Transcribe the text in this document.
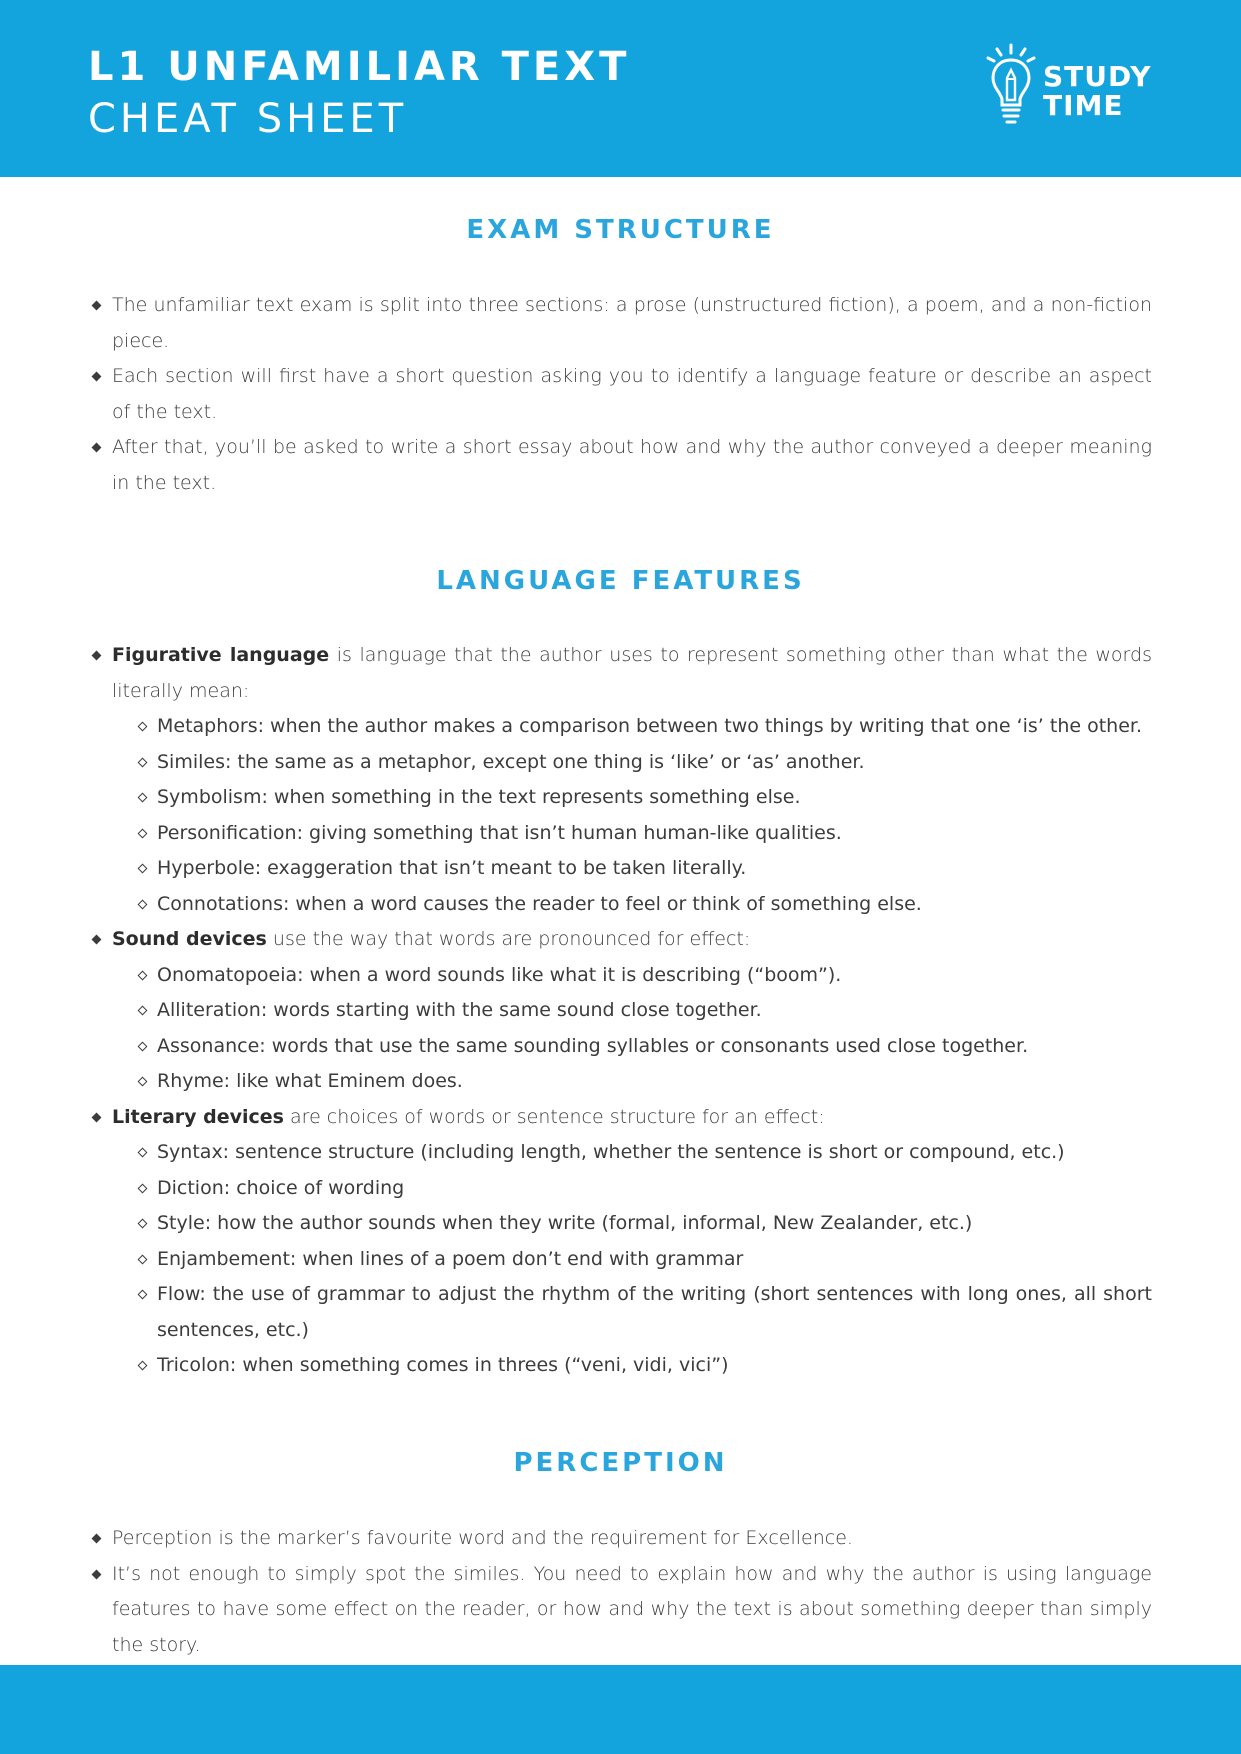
L1 UNFAMILIAR TEXT
CHEAT SHEET
STUDY
TIME
EXAM STRUCTURE
The unfamiliar text exam is split into three sections: a prose (unstructured fiction), a poem, and a non-fiction piece.
Each section will first have a short question asking you to identify a language feature or describe an aspect of the text.
After that, you’ll be asked to write a short essay about how and why the author conveyed a deeper meaning in the text.
LANGUAGE FEATURES
Figurative language is language that the author uses to represent something other than what the words literally mean:
Metaphors: when the author makes a comparison between two things by writing that one ‘is’ the other.
Similes: the same as a metaphor, except one thing is ‘like’ or ‘as’ another.
Symbolism: when something in the text represents something else.
Personification: giving something that isn’t human human-like qualities.
Hyperbole: exaggeration that isn’t meant to be taken literally.
Connotations: when a word causes the reader to feel or think of something else.
Sound devices use the way that words are pronounced for effect:
Onomatopoeia: when a word sounds like what it is describing (“boom”).
Alliteration: words starting with the same sound close together.
Assonance: words that use the same sounding syllables or consonants used close together.
Rhyme: like what Eminem does.
Literary devices are choices of words or sentence structure for an effect:
Syntax: sentence structure (including length, whether the sentence is short or compound, etc.)
Diction: choice of wording
Style: how the author sounds when they write (formal, informal, New Zealander, etc.)
Enjambement: when lines of a poem don’t end with grammar
Flow: the use of grammar to adjust the rhythm of the writing (short sentences with long ones, all short sentences, etc.)
Tricolon: when something comes in threes (“veni, vidi, vici”)
PERCEPTION
Perception is the marker’s favourite word and the requirement for Excellence.
It’s not enough to simply spot the similes. You need to explain how and why the author is using language features to have some effect on the reader, or how and why the text is about something deeper than simply the story.
